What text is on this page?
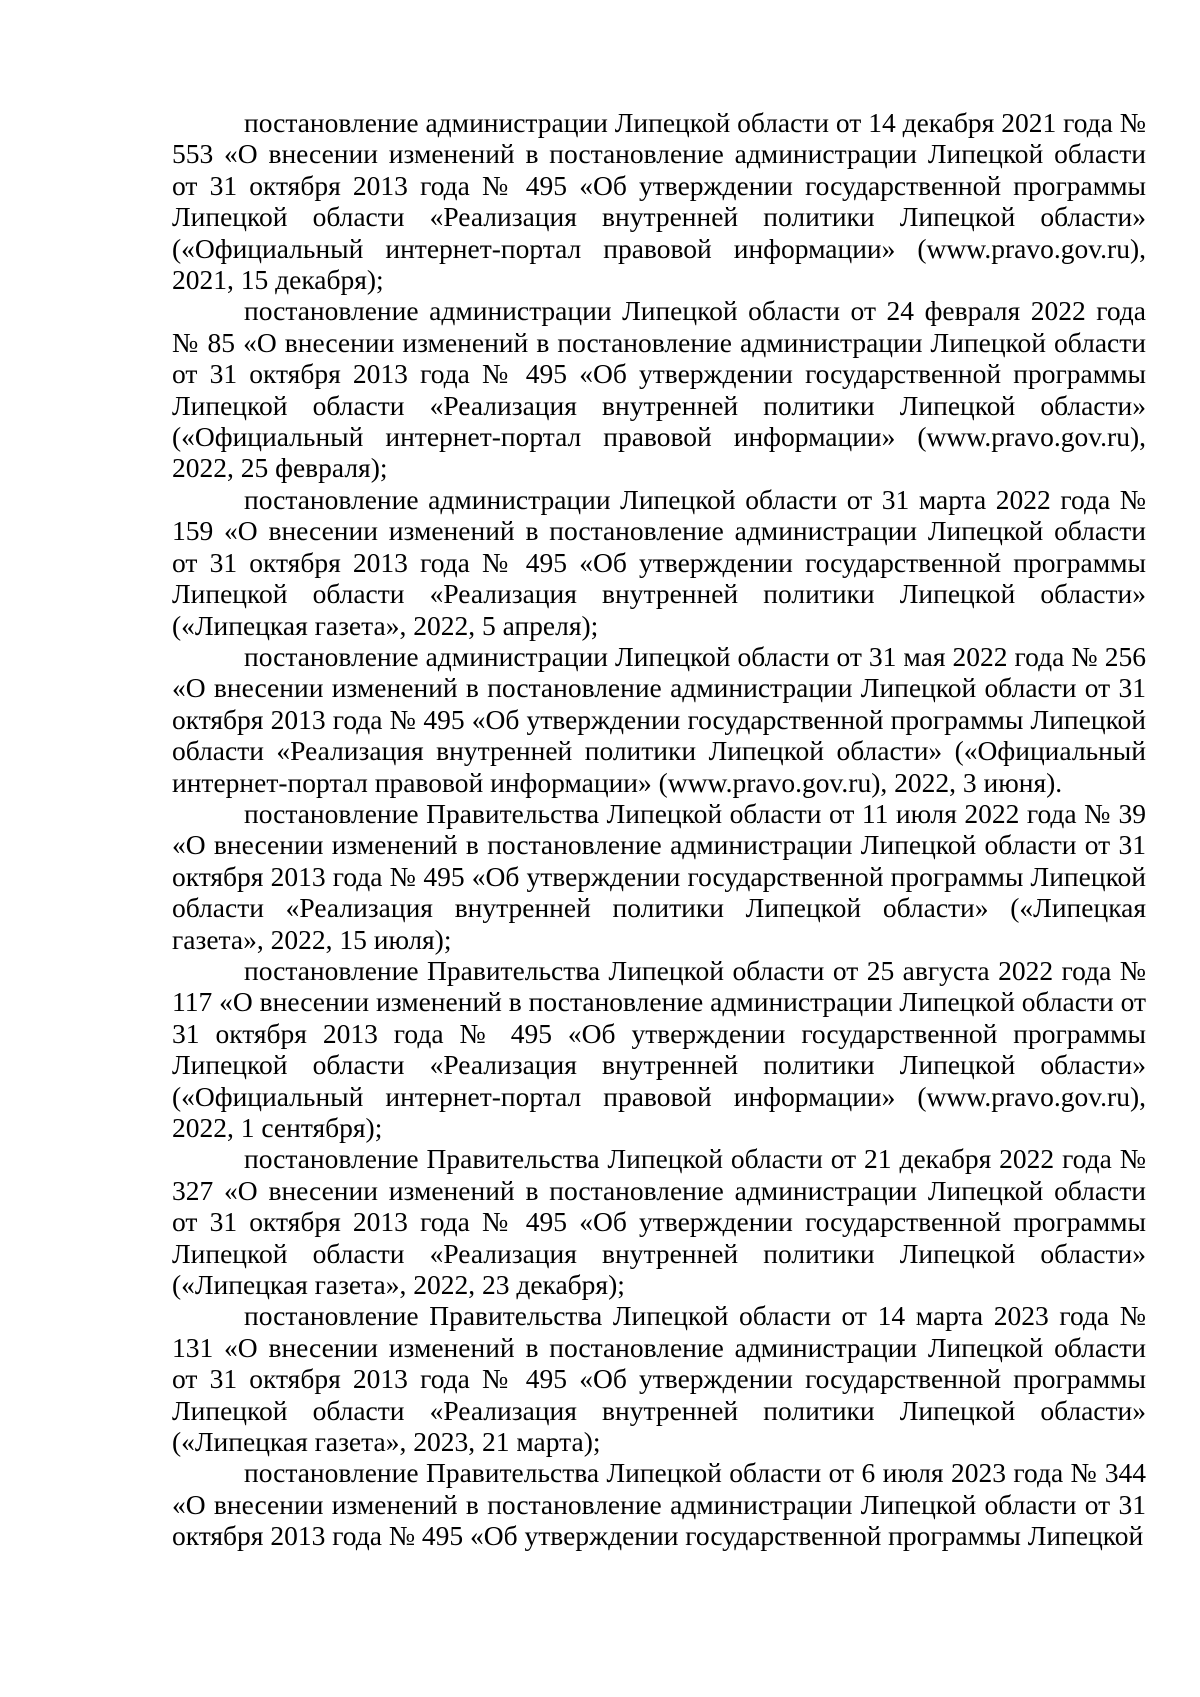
постановление администрации Липецкой области от 14 декабря 2021 года № 553 «О внесении изменений в постановление администрации Липецкой области от 31 октября 2013 года № 495 «Об утверждении государственной программы Липецкой области «Реализация внутренней политики Липецкой области» («Официальный интернет-портал правовой информации» (www.pravo.gov.ru), 2021, 15 декабря);

постановление администрации Липецкой области от 24 февраля 2022 года № 85 «О внесении изменений в постановление администрации Липецкой области от 31 октября 2013 года № 495 «Об утверждении государственной программы Липецкой области «Реализация внутренней политики Липецкой области» («Официальный интернет-портал правовой информации» (www.pravo.gov.ru), 2022, 25 февраля);

постановление администрации Липецкой области от 31 марта 2022 года № 159 «О внесении изменений в постановление администрации Липецкой области от 31 октября 2013 года № 495 «Об утверждении государственной программы Липецкой области «Реализация внутренней политики Липецкой области» («Липецкая газета», 2022, 5 апреля);

постановление администрации Липецкой области от 31 мая 2022 года № 256 «О внесении изменений в постановление администрации Липецкой области от 31 октября 2013 года № 495 «Об утверждении государственной программы Липецкой области «Реализация внутренней политики Липецкой области» («Официальный интернет-портал правовой информации» (www.pravo.gov.ru), 2022, 3 июня).

постановление Правительства Липецкой области от 11 июля 2022 года № 39 «О внесении изменений в постановление администрации Липецкой области от 31 октября 2013 года № 495 «Об утверждении государственной программы Липецкой области «Реализация внутренней политики Липецкой области» («Липецкая газета», 2022, 15 июля);

постановление Правительства Липецкой области от 25 августа 2022 года № 117 «О внесении изменений в постановление администрации Липецкой области от 31 октября 2013 года № 495 «Об утверждении государственной программы Липецкой области «Реализация внутренней политики Липецкой области» («Официальный интернет-портал правовой информации» (www.pravo.gov.ru), 2022, 1 сентября);

постановление Правительства Липецкой области от 21 декабря 2022 года № 327 «О внесении изменений в постановление администрации Липецкой области от 31 октября 2013 года № 495 «Об утверждении государственной программы Липецкой области «Реализация внутренней политики Липецкой области» («Липецкая газета», 2022, 23 декабря);

постановление Правительства Липецкой области от 14 марта 2023 года № 131 «О внесении изменений в постановление администрации Липецкой области от 31 октября 2013 года № 495 «Об утверждении государственной программы Липецкой области «Реализация внутренней политики Липецкой области» («Липецкая газета», 2023, 21 марта);

постановление Правительства Липецкой области от 6 июля 2023 года № 344 «О внесении изменений в постановление администрации Липецкой области от 31 октября 2013 года № 495 «Об утверждении государственной программы Липецкой
